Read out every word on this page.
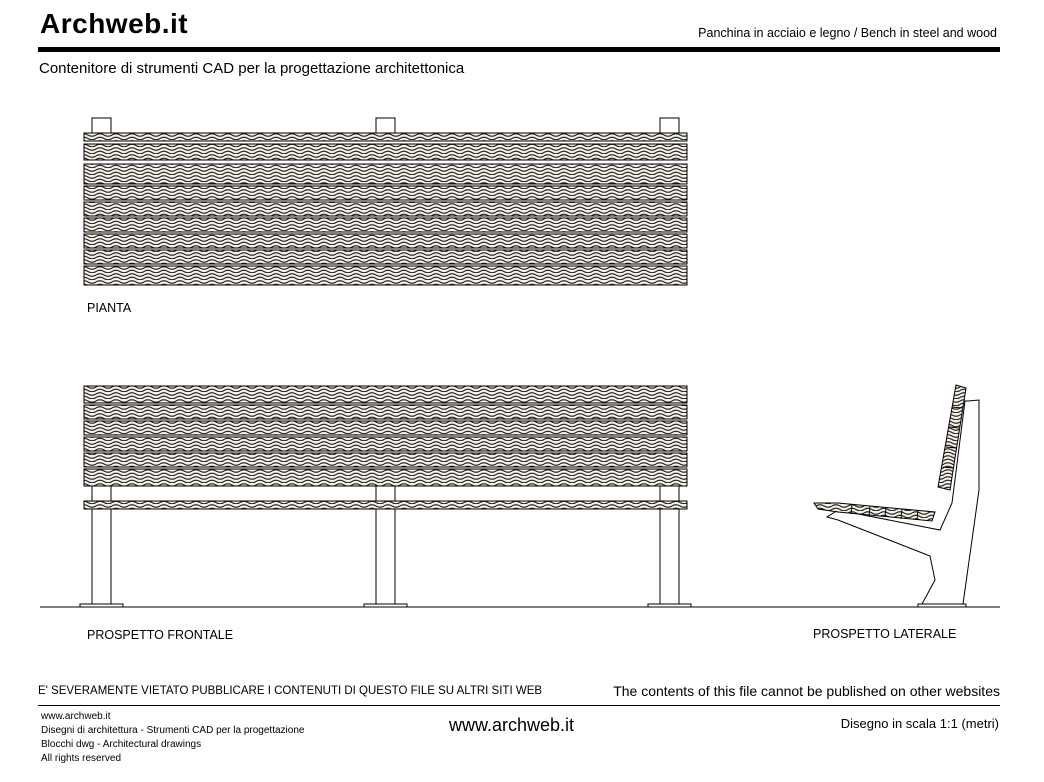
Archweb.it	Panchina in acciaio e legno / Bench in steel and wood
Contenitore di strumenti CAD per la progettazione architettonica
PIANTA
PROSPETTO FRONTALE	PROSPETTO LATERALE
E' SEVERAMENTE VIETATO PUBBLICARE I CONTENUTI DI QUESTO FILE SU ALTRI SITI WEB	The contents of this file cannot be published on other websites
www.archweb.it
Disegni di architettura - Strumenti CAD per la progettazione
Blocchi dwg - Architectural drawings
All rights reserved
www.archweb.it	Disegno in scala 1:1 (metri)
